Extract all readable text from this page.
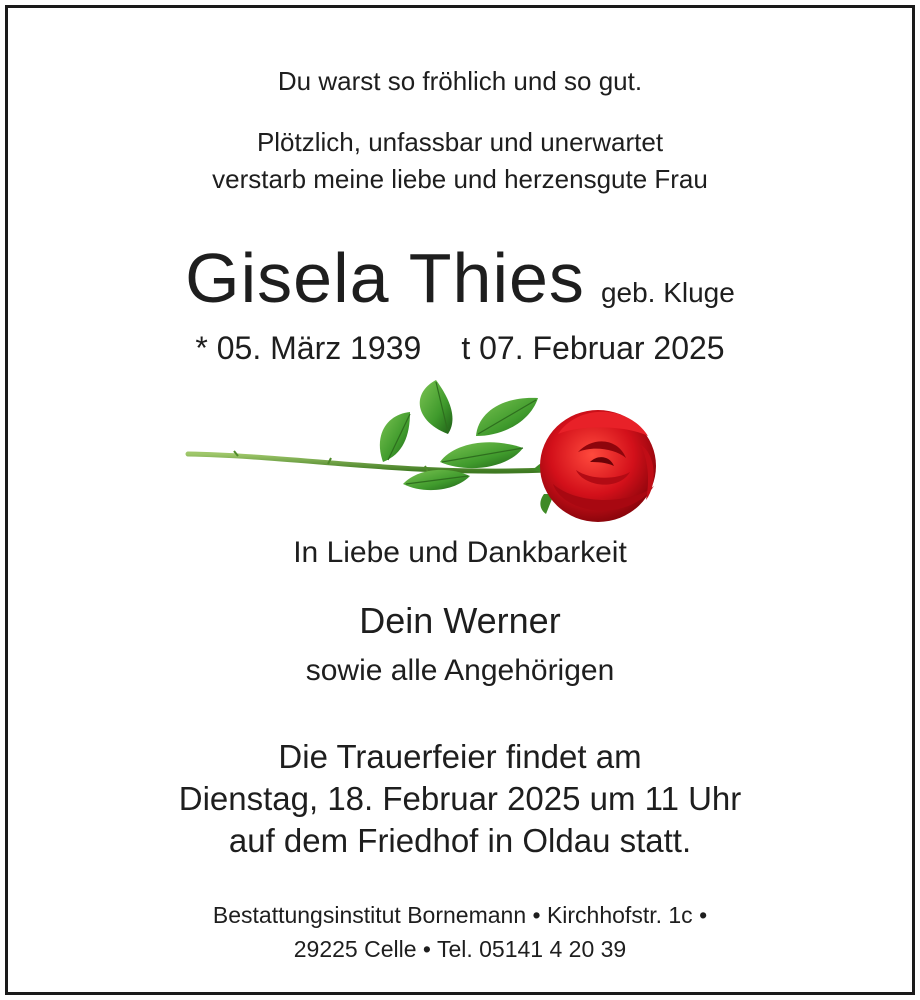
Du warst so fröhlich und so gut.
Plötzlich, unfassbar und unerwartet
verstarb meine liebe und herzensgute Frau
Gisela Thies geb. Kluge
* 05. März 1939 t 07. Februar 2025
In Liebe und Dankbarkeit
Dein Werner
sowie alle Angehörigen
Die Trauerfeier findet am
Dienstag, 18. Februar 2025 um 11 Uhr
auf dem Friedhof in Oldau statt.
Bestattungsinstitut Bornemann • Kirchhofstr. 1c •
29225 Celle • Tel. 05141 4 20 39
